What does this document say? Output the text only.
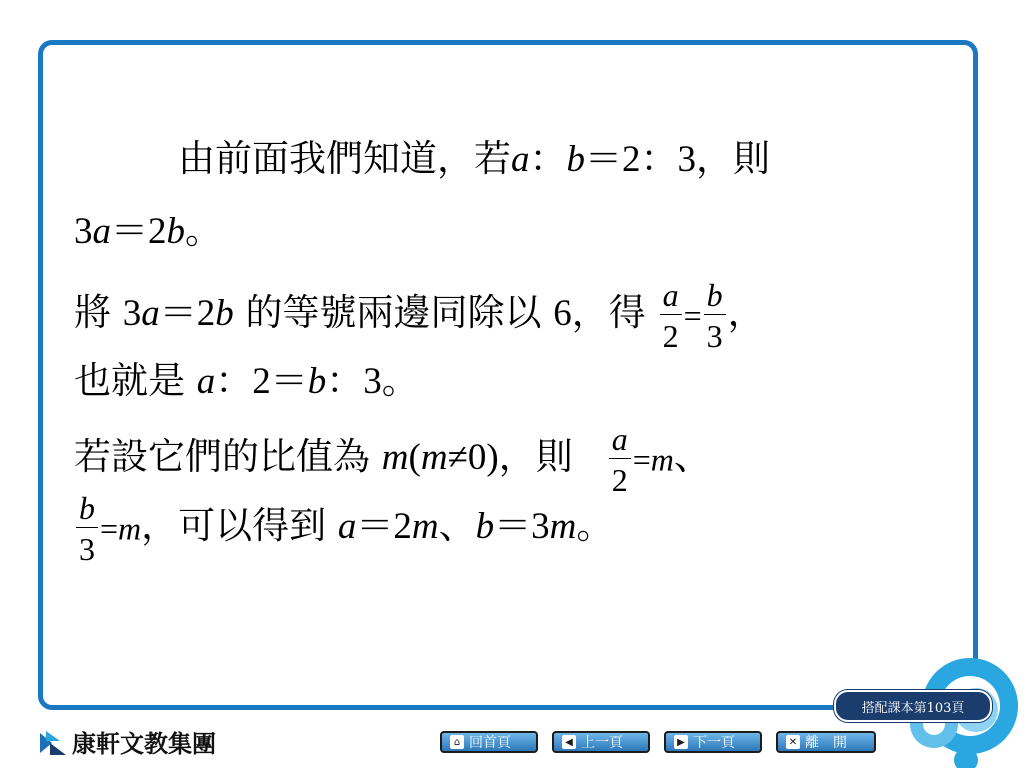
由前面我們知道，若a：b＝2：3，則
3a＝2b。
將 3a＝2b 的等號兩邊同除以 6，得 $\frac{a}{2} = \frac{b}{3}$ ，
也就是 a：2＝b：3。
若設它們的比值為 m(m≠0)，則 $\frac{a}{2} =m$、
$\frac{b}{3} =m$，可以得到 a＝2m、b＝3m。
搭配課本第103頁
康軒文教集團	⌂ 回首頁	◀ 上一頁	▶ 下一頁	✕ 離　開
